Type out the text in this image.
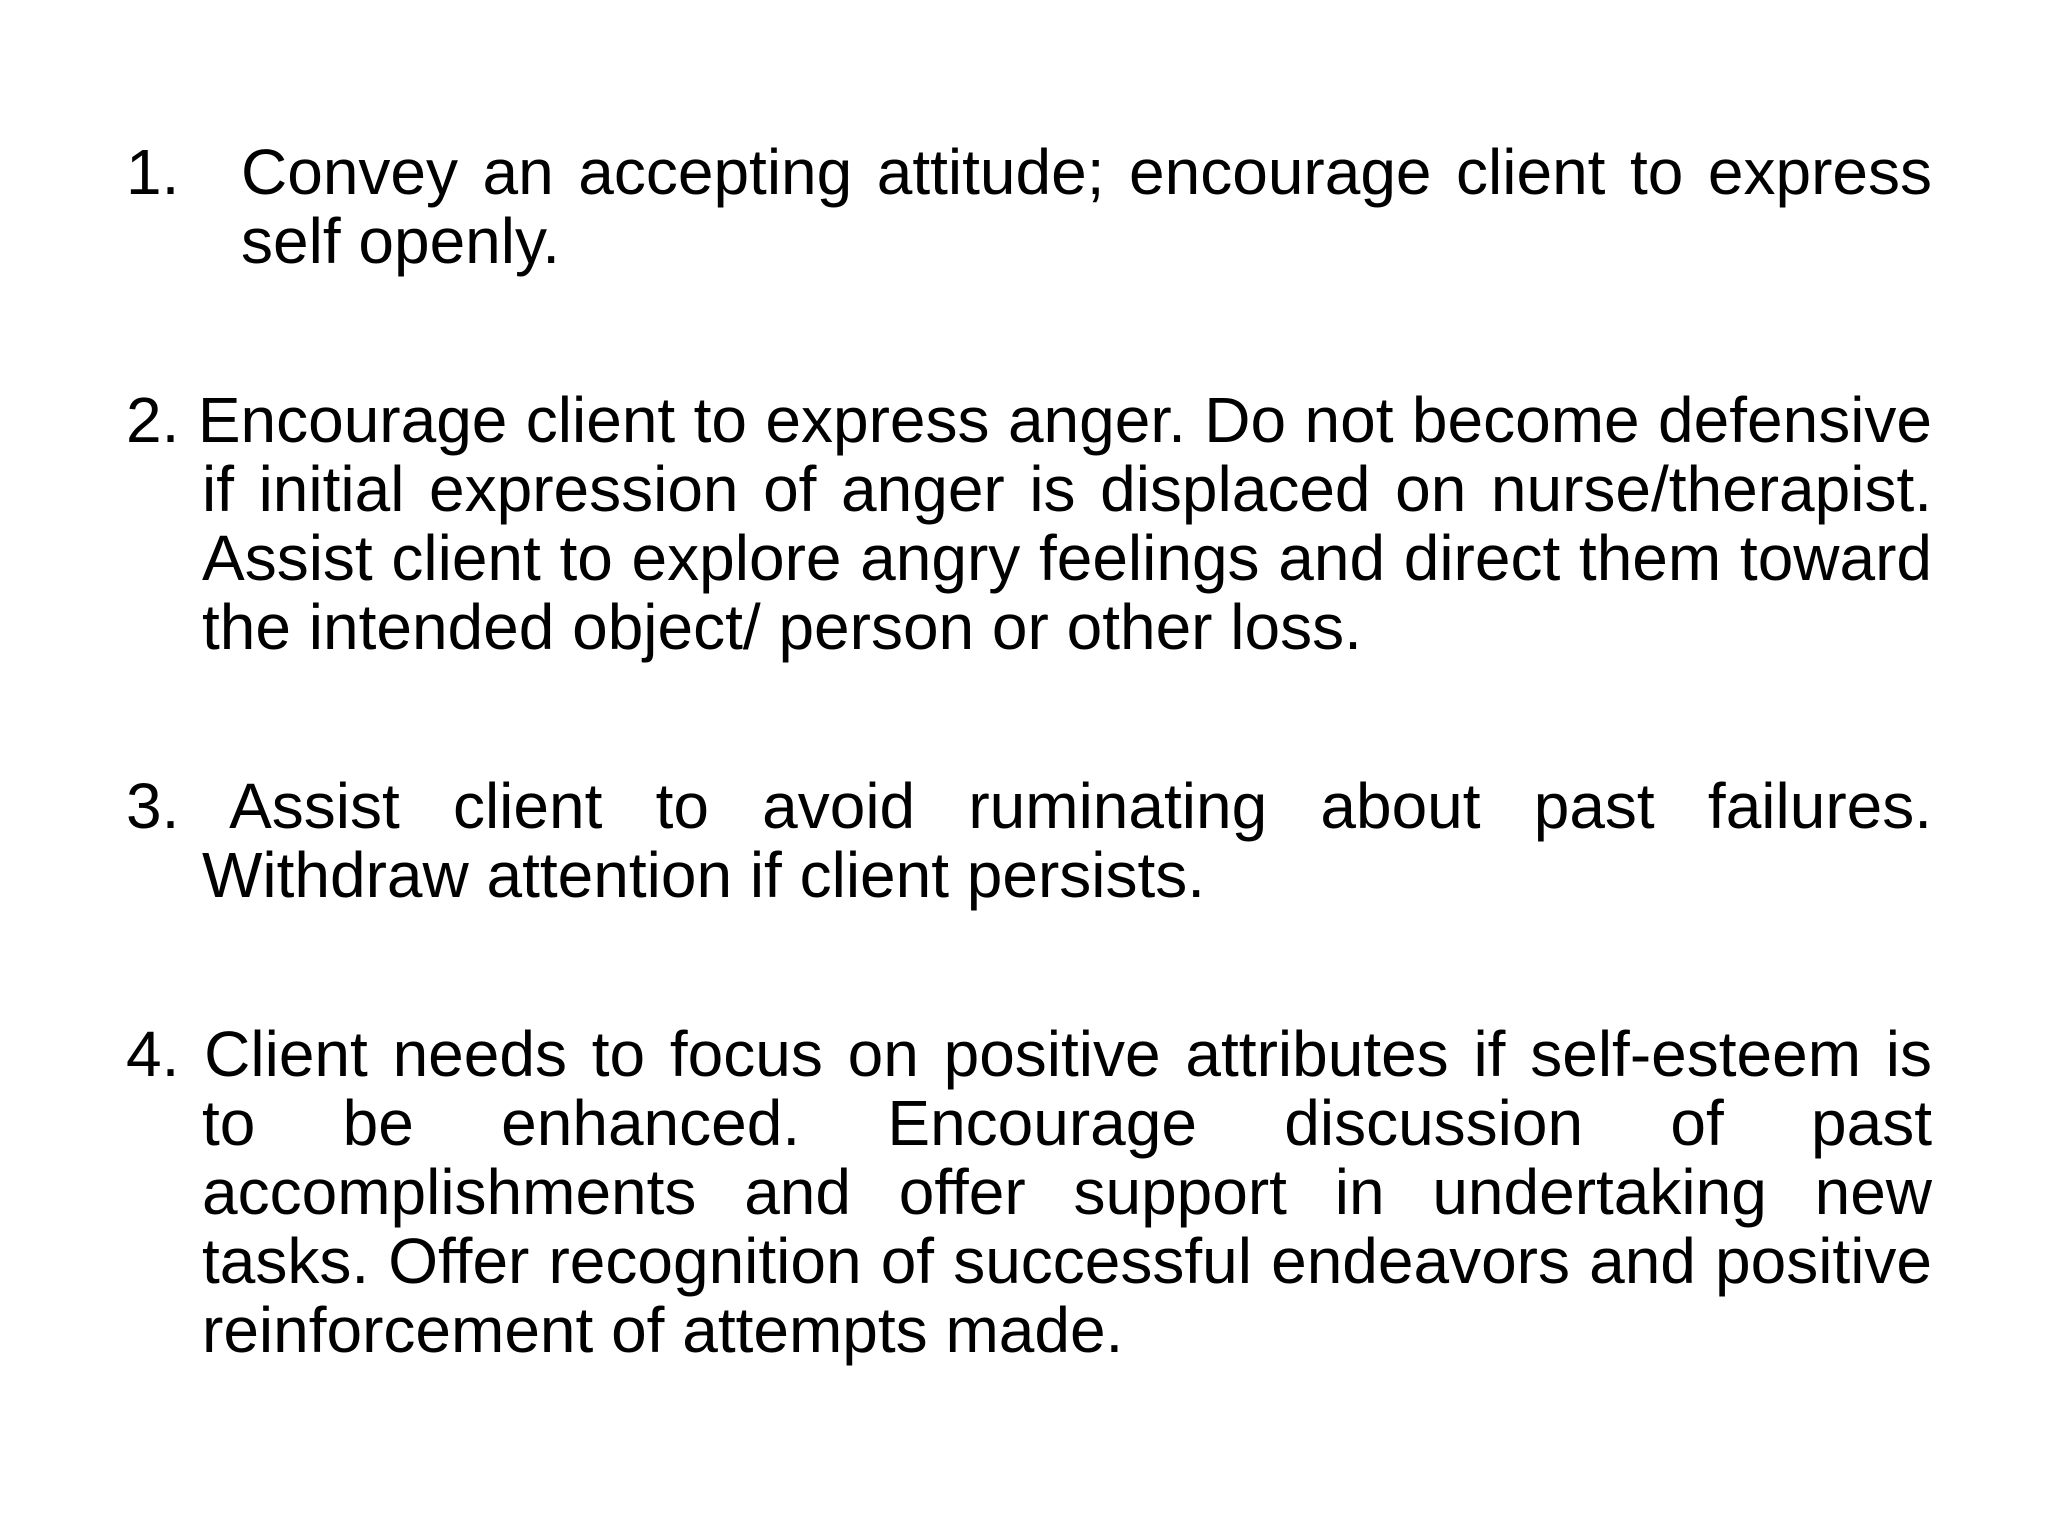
1. Convey an accepting attitude; encourage client to express self openly.

2. Encourage client to express anger. Do not become defensive if initial expression of anger is displaced on nurse/therapist. Assist client to explore angry feelings and direct them toward the intended object/ person or other loss.

3. Assist client to avoid ruminating about past failures. Withdraw attention if client persists.

4. Client needs to focus on positive attributes if self-esteem is to be enhanced. Encourage discussion of past accomplishments and offer support in undertaking new tasks. Offer recognition of successful endeavors and positive reinforcement of attempts made.
